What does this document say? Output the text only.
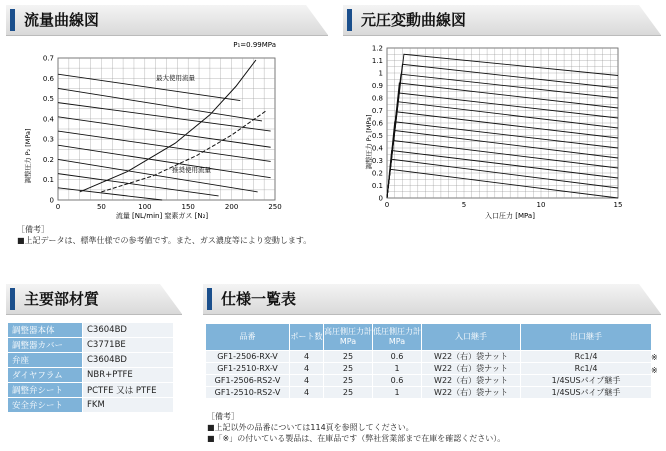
流量曲線図	元圧変動曲線図
主要部材質	仕様一覧表
0	50	100	150	200	250
0
0.1
0.2
0.3
0.4
0.5
0.6
0.7
P₁=0.99MPa
最大使用流量
推奨使用流量
調整圧力 P₂ [MPa]
流量 [NL/min] 窒素ガス [N₂]
0	5	10	15
0
0.1
0.2
0.3
0.4
0.5
0.6
0.7
0.8
0.9
1
1.1
1.2
調整圧力 P₂ [MPa]
入口圧力 [MPa]
［備考］
■上記データは、標準仕様での参考値です。また、ガス濃度等により変動します。
調整器本体	C3604BD
調整器カバー	C3771BE
弁座	C3604BD
ダイヤフラム	NBR+PTFE
調整弁シート	PCTFE 又は PTFE
安全弁シート	FKM
品番	ポート数	高圧側圧力計 MPa	低圧側圧力計 MPa	入口継手	出口継手
GF1-2506-RX-V	4	25	0.6	W22（右）袋ナット	Rc1/4
GF1-2510-RX-V	4	25	1	W22（右）袋ナット	Rc1/4
GF1-2506-RS2-V	4	25	0.6	W22（右）袋ナット	1/4SUSパイプ継手
GF1-2510-RS2-V	4	25	1	W22（右）袋ナット	1/4SUSパイプ継手
※
※
［備考］
■上記以外の品番については114頁を参照してください。
■「※」の付いている製品は、在庫品です（弊社営業部まで在庫を確認ください）。
